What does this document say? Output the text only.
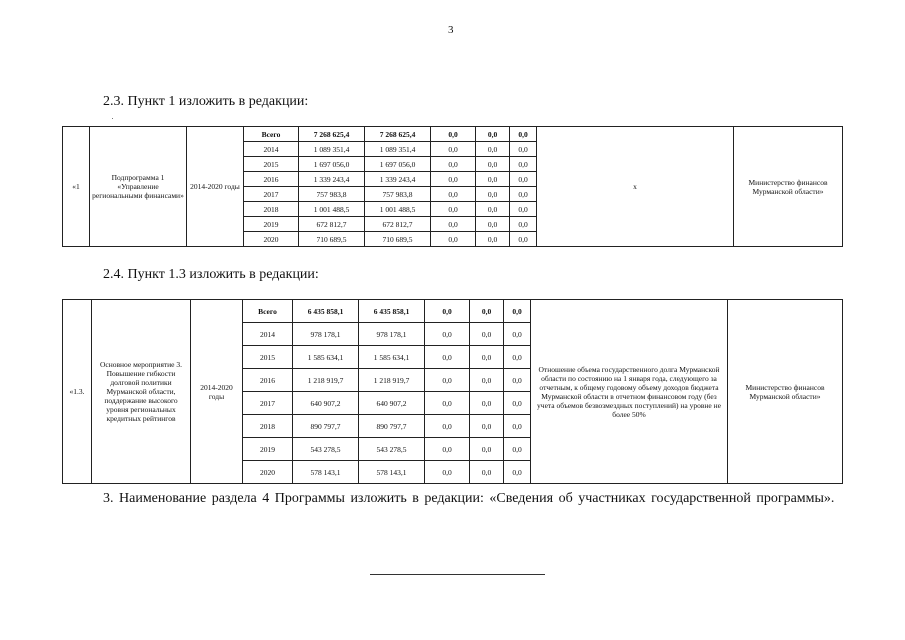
3
2.3. Пункт 1 изложить в редакции:
«1	Подпрограмма 1 «Управление региональными финансами»	2014-2020 годы	Всего	7 268 625,4	7 268 625,4	0,0	0,0	0,0	х	Министерство финансов Мурманской области»
			2014	1 089 351,4	1 089 351,4	0,0	0,0	0,0		
			2015	1 697 056,0	1 697 056,0	0,0	0,0	0,0		
			2016	1 339 243,4	1 339 243,4	0,0	0,0	0,0		
			2017	757 983,8	757 983,8	0,0	0,0	0,0		
			2018	1 001 488,5	1 001 488,5	0,0	0,0	0,0		
			2019	672 812,7	672 812,7	0,0	0,0	0,0		
			2020	710 689,5	710 689,5	0,0	0,0	0,0		
2.4. Пункт 1.3 изложить в редакции:
«1.3.	Основное мероприятие 3. Повышение гибкости долговой политики Мурманской области, поддержание высокого уровня региональных кредитных рейтингов	2014-2020 годы	Всего	6 435 858,1	6 435 858,1	0,0	0,0	0,0	Отношение объема государственного долга Мурманской области по состоянию на 1 января года, следующего за отчетным, к общему годовому объему доходов бюджета Мурманской области в отчетном финансовом году (без учета объемов безвозмездных поступлений) на уровне не более 50%	Министерство финансов Мурманской области»
			2014	978 178,1	978 178,1	0,0	0,0	0,0		
			2015	1 585 634,1	1 585 634,1	0,0	0,0	0,0		
			2016	1 218 919,7	1 218 919,7	0,0	0,0	0,0		
			2017	640 907,2	640 907,2	0,0	0,0	0,0		
			2018	890 797,7	890 797,7	0,0	0,0	0,0		
			2019	543 278,5	543 278,5	0,0	0,0	0,0		
			2020	578 143,1	578 143,1	0,0	0,0	0,0		
3. Наименование раздела 4 Программы изложить в редакции: «Сведения об участниках государственной программы».
